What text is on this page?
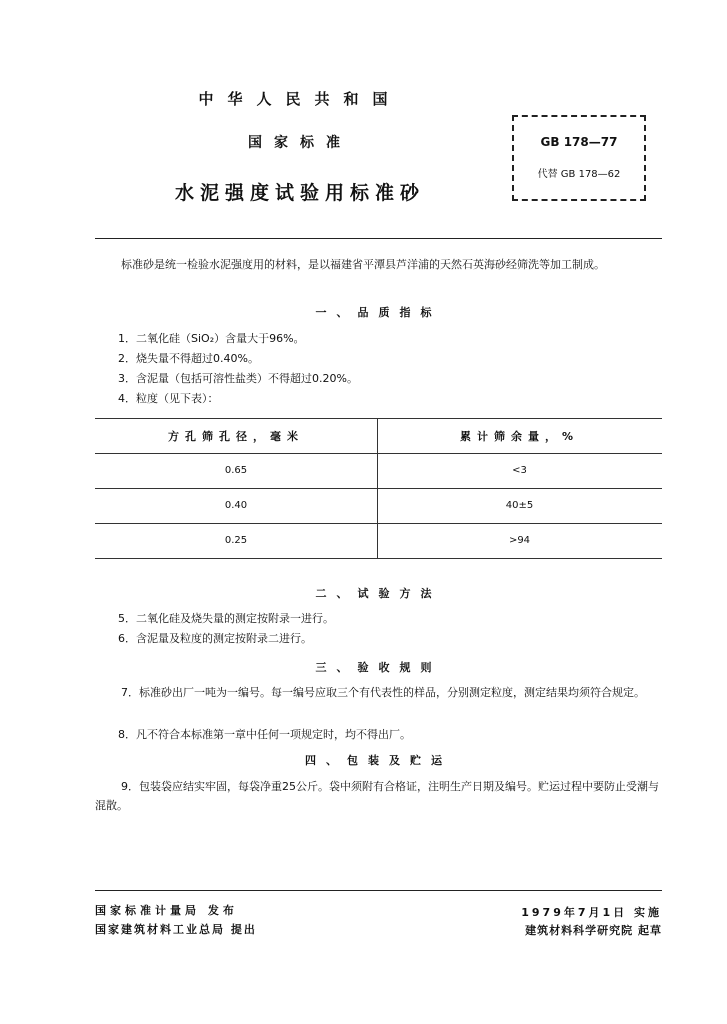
中华人民共和国
国家标准
水泥强度试验用标准砂
GB 178—77
代替 GB 178—62
标准砂是统一检验水泥强度用的材料，是以福建省平潭县芦洋浦的天然石英海砂经筛洗等加工制成。
一、品质指标
1．二氧化硅（SiO₂）含量大于96%。
2．烧失量不得超过0.40%。
3．含泥量（包括可溶性盐类）不得超过0.20%。
4．粒度（见下表）：
方孔筛孔径，毫米	累计筛余量，%
0.65	<3
0.40	40±5
0.25	>94
二、试验方法
5．二氧化硅及烧失量的测定按附录一进行。
6．含泥量及粒度的测定按附录二进行。
三、验收规则
7．标准砂出厂一吨为一编号。每一编号应取三个有代表性的样品，分别测定粒度，测定结果均须符合规定。
8．凡不符合本标准第一章中任何一项规定时，均不得出厂。
四、包装及贮运
9．包装袋应结实牢固，每袋净重25公斤。袋中须附有合格证，注明生产日期及编号。贮运过程中要防止受潮与混散。
国家标准计量局 发布
国家建筑材料工业总局 提出
1979年7月1日 实施
建筑材料科学研究院 起草
